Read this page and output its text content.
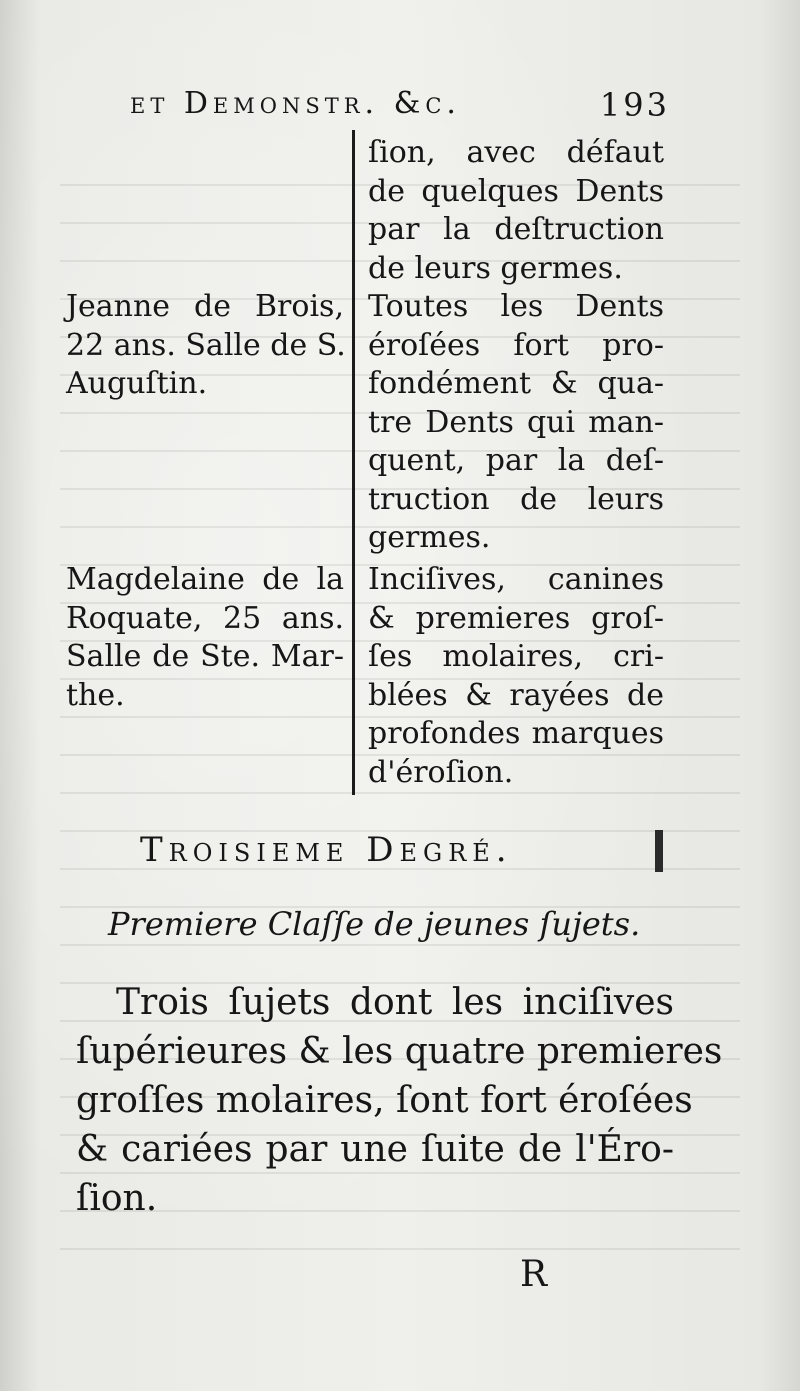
et Demonstr. &c.	193
ſion, avec défaut
de quelques Dents
par la deſtruction
de leurs germes.
Jeanne de Brois,
22 ans. Salle de S.
Auguſtin.
Toutes les Dents
éroſées fort pro-
fondément & qua-
tre Dents qui man-
quent, par la deſ-
truction de leurs
germes.
Magdelaine de la
Roquate, 25 ans.
Salle de Ste. Mar-
the.
Inciſives, canines
& premieres groſ-
ſes molaires, cri-
blées & rayées de
profondes marques
d'éroſion.
Troisieme Degré.
Premiere Claſſe de jeunes ſujets.
Trois ſujets dont les inciſives
ſupérieures & les quatre premieres
groſſes molaires, ſont fort éroſées
& cariées par une ſuite de l'Éro-
ſion.
R
